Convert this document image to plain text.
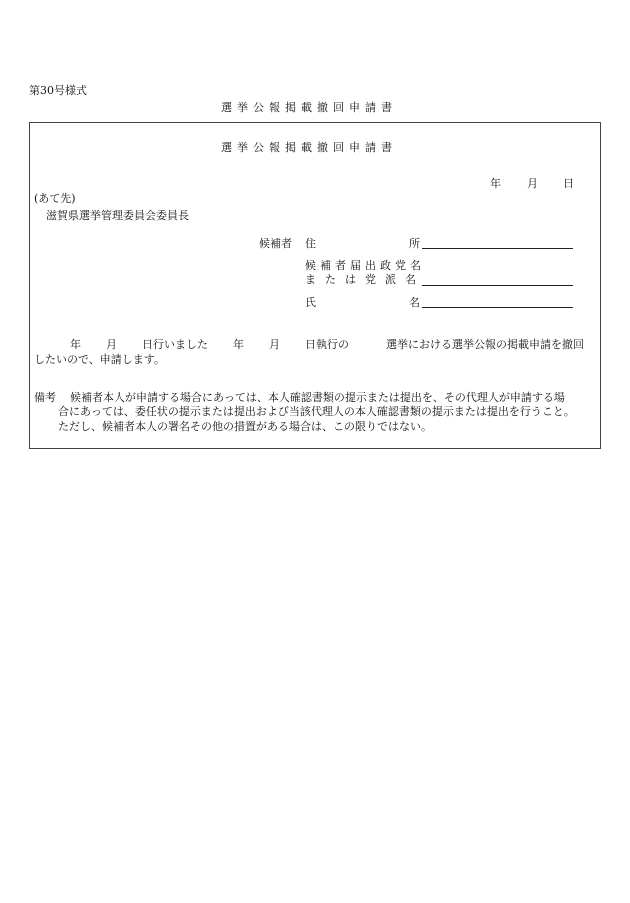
第30号様式
選挙公報掲載撤回申請書
選挙公報掲載撤回申請書
年 月 日
(あて先)
滋賀県選挙管理委員会委員長
候補者 住	所
候補者届出政党名
または党派名
氏	名
年 月 日行いました 年 月 日執行の	選挙における選挙公報の掲載申請を撤回
したいので、申請します。
備考 候補者本人が申請する場合にあっては、本人確認書類の提示または提出を、その代理人が申請する場
合にあっては、委任状の提示または提出および当該代理人の本人確認書類の提示または提出を行うこと。
ただし、候補者本人の署名その他の措置がある場合は、この限りではない。
